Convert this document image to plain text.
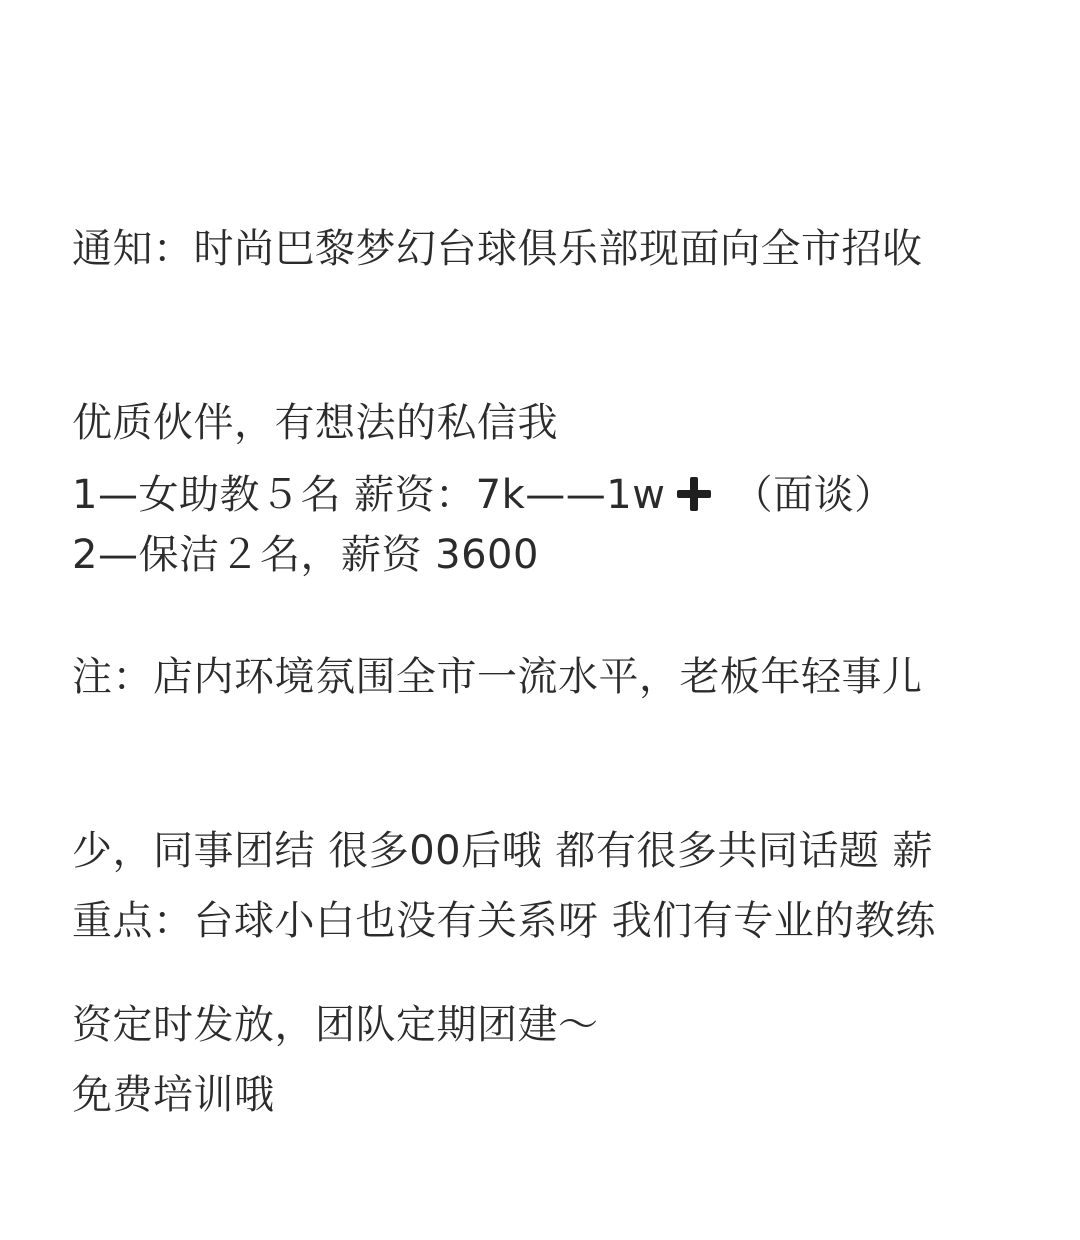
通知：时尚巴黎梦幻台球俱乐部现面向全市招收

优质伙伴，有想法的私信我

1—女助教５名 薪资：7k——1w （面谈）

2—保洁２名，薪资 3600

注：店内环境氛围全市一流水平，老板年轻事儿

少，同事团结 很多00后哦 都有很多共同话题 薪

资定时发放，团队定期团建～

重点：台球小白也没有关系呀 我们有专业的教练

免费培训哦
